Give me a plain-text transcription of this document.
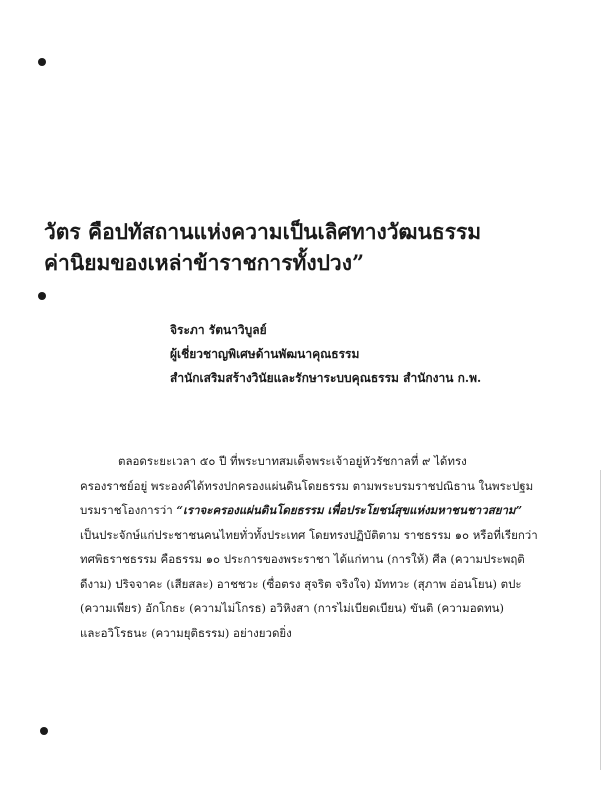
วัตร คือปทัสถานแห่งความเป็นเลิศทางวัฒนธรรม
ค่านิยมของเหล่าข้าราชการทั้งปวง”
จิระภา รัตนาวิบูลย์
ผู้เชี่ยวชาญพิเศษด้านพัฒนาคุณธรรม
สำนักเสริมสร้างวินัยและรักษาระบบคุณธรรม สำนักงาน ก.พ.
ตลอดระยะเวลา ๕๐ ปี ที่พระบาทสมเด็จพระเจ้าอยู่หัวรัชกาลที่ ๙ ได้ทรง
ครองราชย์อยู่ พระองค์ได้ทรงปกครองแผ่นดินโดยธรรม ตามพระบรมราชปณิธาน ในพระปฐม
บรมราชโองการว่า “เราจะครองแผ่นดินโดยธรรม เพื่อประโยชน์สุขแห่งมหาชนชาวสยาม”
เป็นประจักษ์แก่ประชาชนคนไทยทั่วทั้งประเทศ โดยทรงปฏิบัติตาม ราชธรรม ๑๐ หรือที่เรียกว่า
ทศพิธราชธรรม คือธรรม ๑๐ ประการของพระราชา ได้แก่ทาน (การให้) ศีล (ความประพฤติ
ดีงาม) ปริจจาคะ (เสียสละ) อาชชวะ (ซื่อตรง สุจริต จริงใจ) มัททวะ (สุภาพ อ่อนโยน) ตปะ
(ความเพียร) อักโกธะ (ความไม่โกรธ) อวิหิงสา (การไม่เบียดเบียน) ขันติ (ความอดทน)
และอวิโรธนะ (ความยุติธรรม) อย่างยวดยิ่ง
